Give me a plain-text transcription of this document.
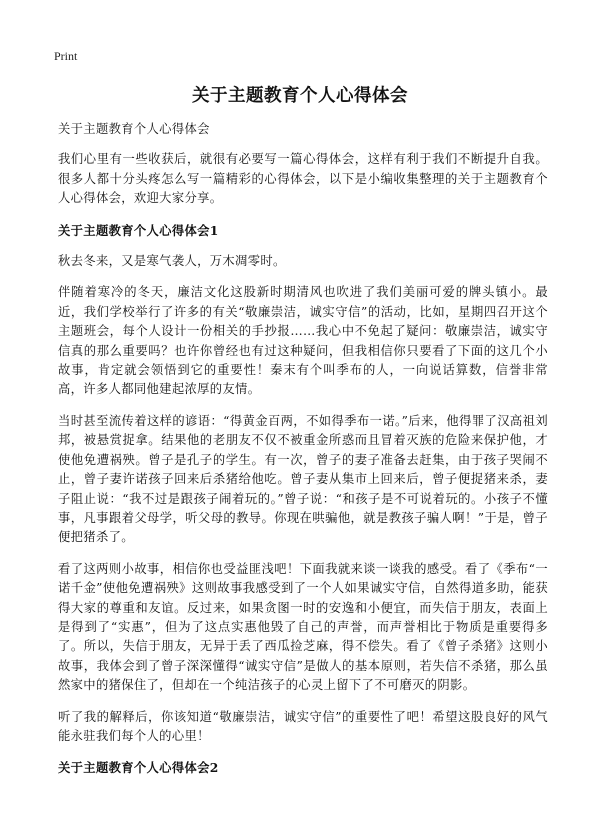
Print
关于主题教育个人心得体会

关于主题教育个人心得体会

我们心里有一些收获后，就很有必要写一篇心得体会，这样有利于我们不断提升自我。很多人都十分头疼怎么写一篇精彩的心得体会，以下是小编收集整理的关于主题教育个人心得体会，欢迎大家分享。

关于主题教育个人心得体会1

秋去冬来，又是寒气袭人，万木凋零时。

伴随着寒冷的冬天，廉洁文化这股新时期清风也吹进了我们美丽可爱的牌头镇小。最近，我们学校举行了许多的有关“敬廉崇洁，诚实守信”的活动，比如，星期四召开这个主题班会，每个人设计一份相关的手抄报……我心中不免起了疑问：敬廉崇洁，诚实守信真的那么重要吗？也许你曾经也有过这种疑问，但我相信你只要看了下面的这几个小故事，肯定就会领悟到它的重要性！秦末有个叫季布的人，一向说话算数，信誉非常高，许多人都同他建起浓厚的友情。

当时甚至流传着这样的谚语：“得黄金百两，不如得季布一诺。”后来，他得罪了汉高祖刘邦，被悬赏捉拿。结果他的老朋友不仅不被重金所惑而且冒着灭族的危险来保护他，才使他免遭祸殃。曾子是孔子的学生。有一次，曾子的妻子准备去赶集，由于孩子哭闹不止，曾子妻许诺孩子回来后杀猪给他吃。曾子妻从集市上回来后，曾子便捉猪来杀，妻子阻止说：“我不过是跟孩子闹着玩的。”曾子说：“和孩子是不可说着玩的。小孩子不懂事，凡事跟着父母学，听父母的教导。你现在哄骗他，就是教孩子骗人啊！”于是，曾子便把猪杀了。

看了这两则小故事，相信你也受益匪浅吧！下面我就来谈一谈我的感受。看了《季布“一诺千金”使他免遭祸殃》这则故事我感受到了一个人如果诚实守信，自然得道多助，能获得大家的尊重和友谊。反过来，如果贪图一时的安逸和小便宜，而失信于朋友，表面上是得到了“实惠”，但为了这点实惠他毁了自己的声誉，而声誉相比于物质是重要得多了。所以，失信于朋友，无异于丢了西瓜捡芝麻，得不偿失。看了《曾子杀猪》这则小故事，我体会到了曾子深深懂得“诚实守信”是做人的基本原则，若失信不杀猪，那么虽然家中的猪保住了，但却在一个纯洁孩子的心灵上留下了不可磨灭的阴影。

听了我的解释后，你该知道“敬廉崇洁，诚实守信”的重要性了吧！希望这股良好的风气能永驻我们每个人的心里！

关于主题教育个人心得体会2
